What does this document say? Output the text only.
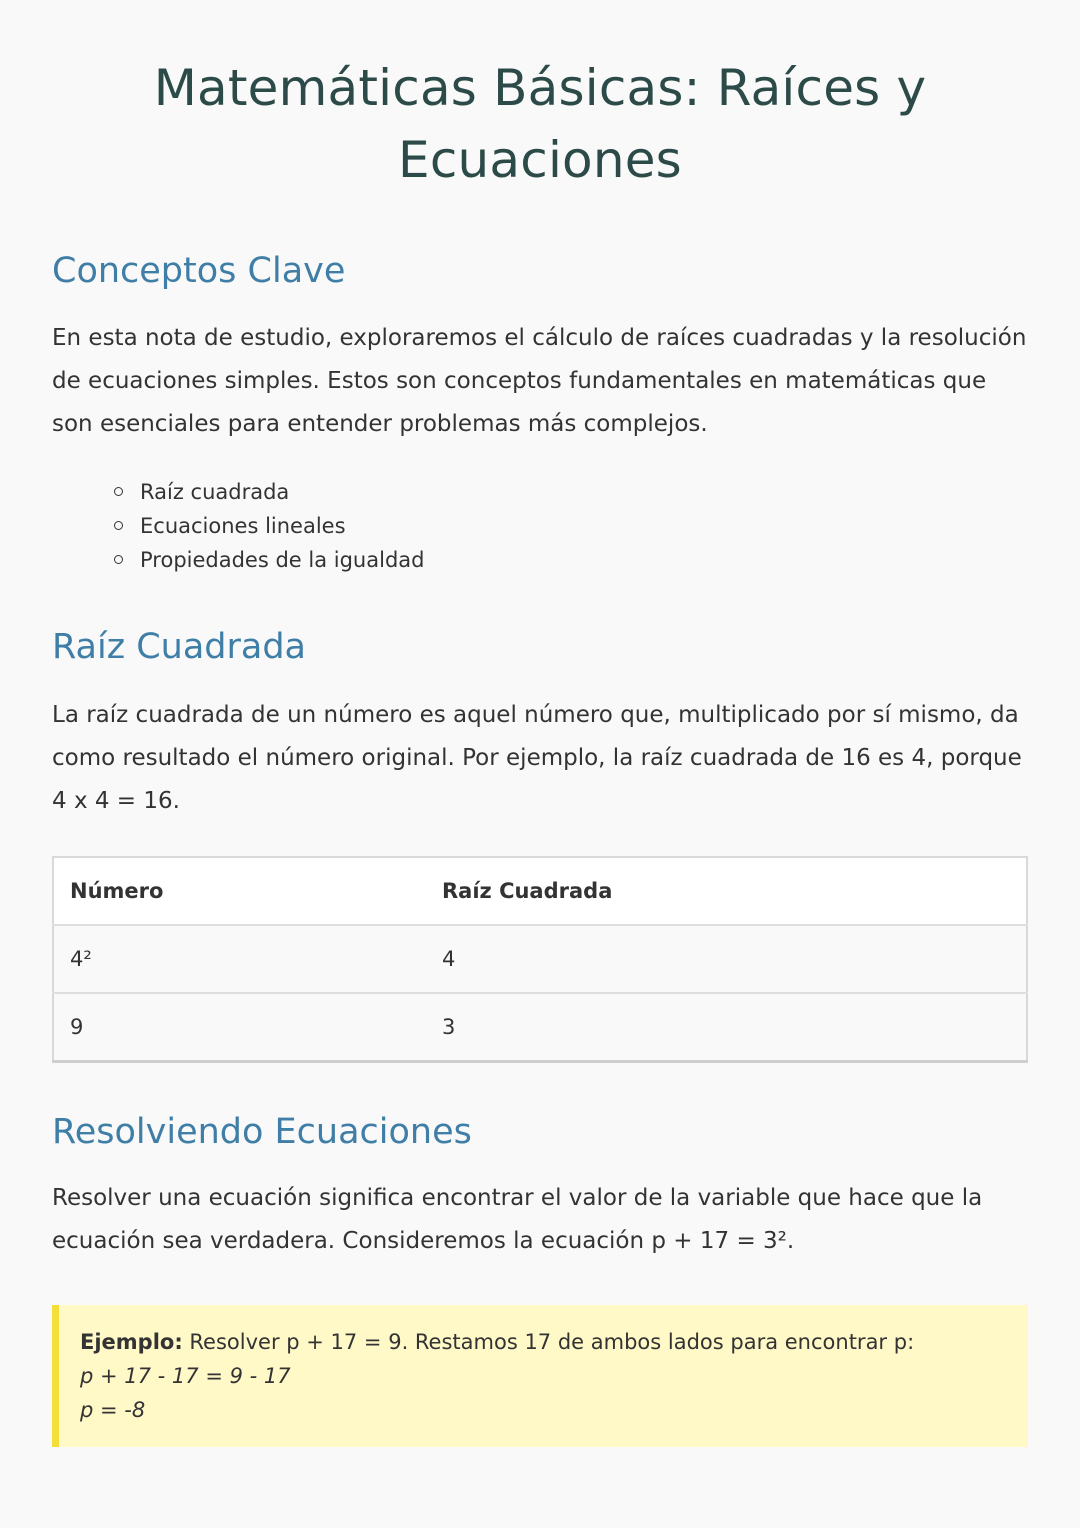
Matemáticas Básicas: Raíces y Ecuaciones
Conceptos Clave

En esta nota de estudio, exploraremos el cálculo de raíces cuadradas y la resolución de ecuaciones simples. Estos son conceptos fundamentales en matemáticas que son esenciales para entender problemas más complejos.

Raíz cuadrada
Ecuaciones lineales
Propiedades de la igualdad
Raíz Cuadrada

La raíz cuadrada de un número es aquel número que, multiplicado por sí mismo, da como resultado el número original. Por ejemplo, la raíz cuadrada de 16 es 4, porque 4 x 4 = 16.

Número	Raíz Cuadrada
4²	4
9	3
Resolviendo Ecuaciones

Resolver una ecuación significa encontrar el valor de la variable que hace que la ecuación sea verdadera. Consideremos la ecuación p + 17 = 3².

Ejemplo: Resolver p + 17 = 9. Restamos 17 de ambos lados para encontrar p:
p + 17 - 17 = 9 - 17
p = -8
